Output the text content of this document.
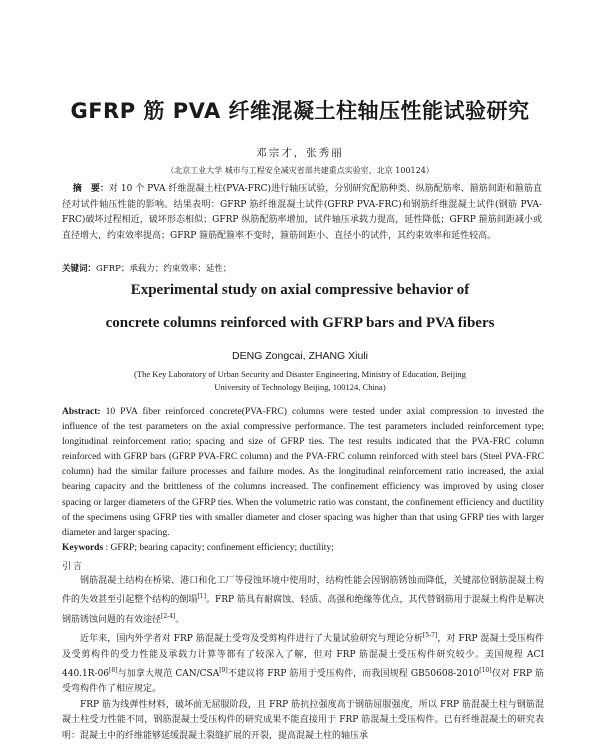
GFRP 筋 PVA 纤维混凝土柱轴压性能试验研究
邓宗才，张秀丽
（北京工业大学 城市与工程安全减灾省部共建重点实验室，北京 100124）
摘　要：对 10 个 PVA 纤维混凝土柱(PVA-FRC)进行轴压试验，分别研究配筋种类、纵筋配筋率、箍筋间距和箍筋直径对试件轴压性能的影响。结果表明：GFRP 筋纤维混凝土试件(GFRP PVA-FRC)和钢筋纤维混凝土试件(钢筋 PVA-FRC)破坏过程相近，破坏形态相似；GFRP 纵筋配筋率增加，试件轴压承载力提高，延性降低；GFRP 箍筋间距减小或直径增大，约束效率提高；GFRP 箍筋配箍率不变时，箍筋间距小、直径小的试件，其约束效率和延性较高。
关键词：GFRP；承载力；约束效率；延性；
Experimental study on axial compressive behavior of
concrete columns reinforced with GFRP bars and PVA fibers
DENG Zongcai, ZHANG Xiuli
(The Key Laboratory of Urban Security and Disaster Engineering, Ministry of Education, Beijing University of Technology Beijing, 100124, China)
Abstract: 10 PVA fiber reinforced concrete(PVA-FRC) columns were tested under axial compression to invested the influence of the test parameters on the axial compressive performance. The test parameters included reinforcement type; longitudinal reinforcement ratio; spacing and size of GFRP ties. The test results indicated that the PVA-FRC column reinforced with GFRP bars (GFRP PVA-FRC column) and the PVA-FRC column reinforced with steel bars (Steel PVA-FRC column) had the similar failure processes and failure modes. As the longitudinal reinforcement ratio increased, the axial bearing capacity and the brittleness of the columns increased. The confinement efficiency was improved by using closer spacing or larger diameters of the GFRP ties. When the volumetric ratio was constant, the confinement efficiency and ductility of the specimens using GFRP ties with smaller diameter and closer spacing was higher than that using GFRP ties with larger diameter and larger spacing.
Keywords : GFRP; bearing capacity; confinement efficiency; ductility;
引言

钢筋混凝土结构在桥梁、港口和化工厂等侵蚀环境中使用时，结构性能会因钢筋锈蚀而降低，关键部位钢筋混凝土构件的失效甚至引起整个结构的倒塌[1]。FRP 筋具有耐腐蚀、轻质、高强和绝缘等优点，其代替钢筋用于混凝土构件是解决钢筋锈蚀问题的有效途径[2-4]。

近年来，国内外学者对 FRP 筋混凝土受弯及受剪构件进行了大量试验研究与理论分析[5-7]，对 FRP 混凝土受压构件及受剪构件的受力性能及承载力计算等都有了较深入了解，但对 FRP 筋混凝土受压构件研究较少。美国规程 ACI 440.1R-06[8]与加拿大规范 CAN/CSA[9]不建议将 FRP 筋用于受压构件，而我国规程 GB50608-2010[10]仅对 FRP 筋受弯构件作了相应规定。

FRP 筋为线弹性材料，破坏前无屈服阶段，且 FRP 筋抗拉强度高于钢筋屈服强度，所以 FRP 筋混凝土柱与钢筋混凝土柱受力性能不同，钢筋混凝土受压构件的研究成果不能直接用于 FRP 筋混凝土受压构件。已有纤维混凝土的研究表明：混凝土中的纤维能够延缓混凝土裂缝扩展的开裂，提高混凝土柱的轴压承
